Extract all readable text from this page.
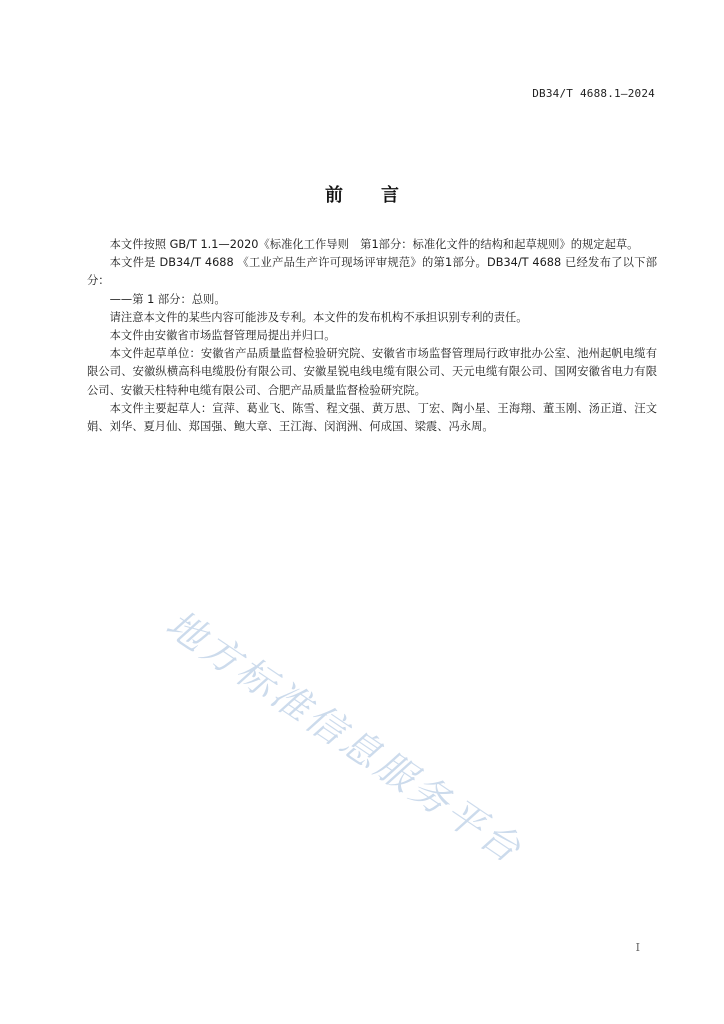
DB34/T 4688.1—2024
前言

本文件按照 GB/T 1.1—2020《标准化工作导则　第1部分：标准化文件的结构和起草规则》的规定起草。

本文件是 DB34/T 4688 《工业产品生产许可现场评审规范》的第1部分。DB34/T 4688 已经发布了以下部分：

——第 1 部分：总则。

请注意本文件的某些内容可能涉及专利。本文件的发布机构不承担识别专利的责任。

本文件由安徽省市场监督管理局提出并归口。

本文件起草单位：安徽省产品质量监督检验研究院、安徽省市场监督管理局行政审批办公室、池州起帆电缆有限公司、安徽纵横高科电缆股份有限公司、安徽星锐电线电缆有限公司、天元电缆有限公司、国网安徽省电力有限公司、安徽天柱特种电缆有限公司、合肥产品质量监督检验研究院。

本文件主要起草人：宣萍、葛业飞、陈雪、程文强、黄万思、丁宏、陶小星、王海翔、董玉刚、汤正道、汪文娟、刘华、夏月仙、郑国强、鲍大章、王江海、闵润洲、何成国、梁震、冯永周。

地方标准信息服务平台
I
